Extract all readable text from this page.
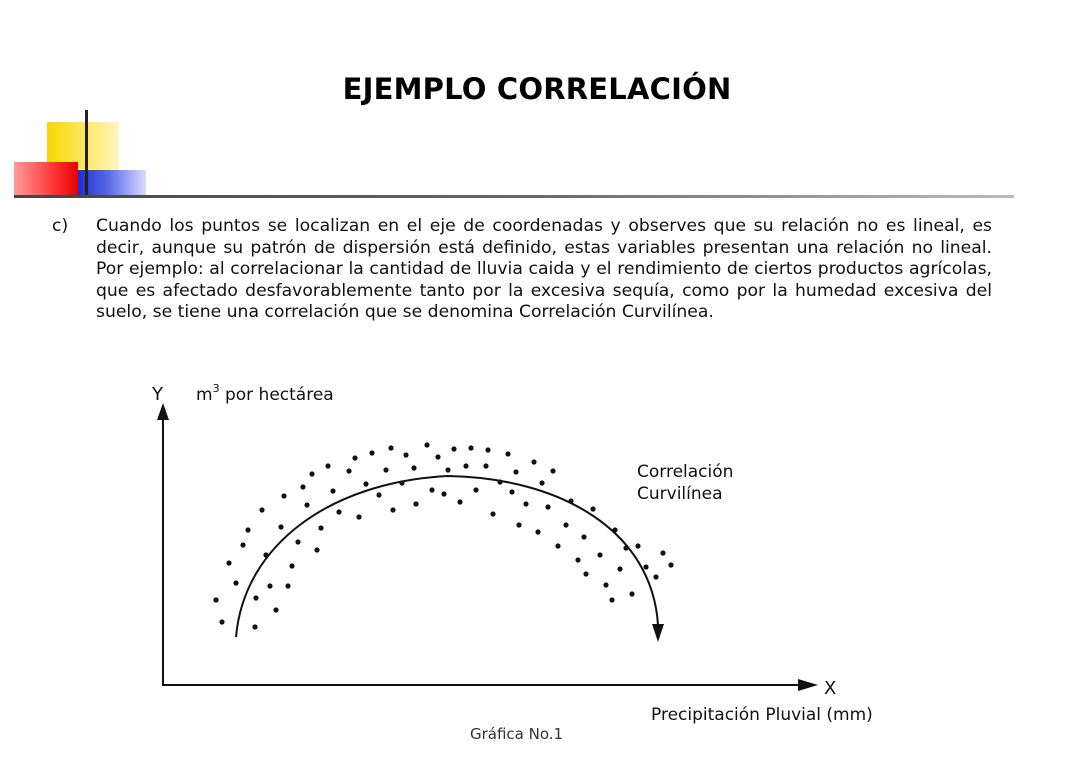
EJEMPLO CORRELACIÓN
c) Cuando los puntos se localizan en el eje de coordenadas y observes que su relación no es lineal, es decir, aunque su patrón de dispersión está definido, estas variables presentan una relación no lineal. Por ejemplo: al correlacionar la cantidad de lluvia caida y el rendimiento de ciertos productos agrícolas, que es afectado desfavorablemente tanto por la excesiva sequía, como por la humedad excesiva del suelo, se tiene una correlación que se denomina Correlación Curvilínea.
Y $m^3$ por hectárea
X
Precipitación Pluvial (mm)
Correlación
Curvilínea
Gráfica No.1
